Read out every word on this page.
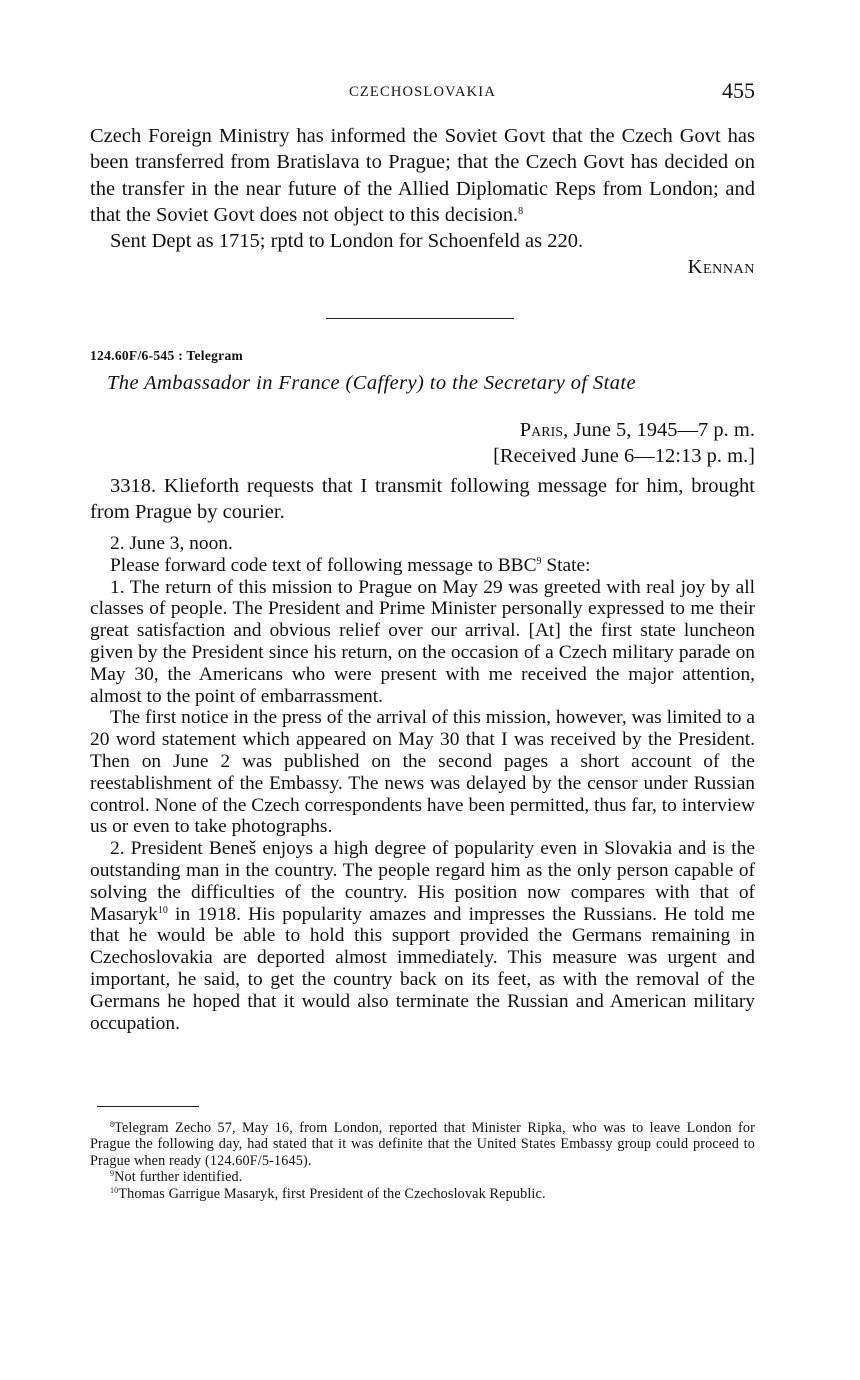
CZECHOSLOVAKIA	455

Czech Foreign Ministry has informed the Soviet Govt that the Czech Govt has been transferred from Bratislava to Prague; that the Czech Govt has decided on the transfer in the near future of the Allied Diplomatic Reps from London; and that the Soviet Govt does not object to this decision.$^8$

Sent Dept as 1715; rptd to London for Schoenfeld as 220.

Kennan

124.60F/6-545 : Telegram
The Ambassador in France (Caffery) to the Secretary of State
Paris, June 5, 1945—7 p. m.
[Received June 6—12:13 p. m.]

3318. Klieforth requests that I transmit following message for him, brought from Prague by courier.

2. June 3, noon.

Please forward code text of following message to BBC$^9$ State:

1. The return of this mission to Prague on May 29 was greeted with real joy by all classes of people. The President and Prime Minister personally expressed to me their great satisfaction and obvious relief over our arrival. [At] the first state luncheon given by the President since his return, on the occasion of a Czech military parade on May 30, the Americans who were present with me received the major attention, almost to the point of embarrassment.

The first notice in the press of the arrival of this mission, however, was limited to a 20 word statement which appeared on May 30 that I was received by the President. Then on June 2 was published on the second pages a short account of the reestablishment of the Embassy. The news was delayed by the censor under Russian control. None of the Czech correspondents have been permitted, thus far, to interview us or even to take photographs.

2. President Beneš enjoys a high degree of popularity even in Slovakia and is the outstanding man in the country. The people regard him as the only person capable of solving the difficulties of the country. His position now compares with that of Masaryk$^{10}$ in 1918. His popularity amazes and impresses the Russians. He told me that he would be able to hold this support provided the Germans remaining in Czechoslovakia are deported almost immediately. This measure was urgent and important, he said, to get the country back on its feet, as with the removal of the Germans he hoped that it would also terminate the Russian and American military occupation.

$^8$Telegram Zecho 57, May 16, from London, reported that Minister Ripka, who was to leave London for Prague the following day, had stated that it was definite that the United States Embassy group could proceed to Prague when ready (124.60F/5-1645).

$^9$Not further identified.

$^{10}$Thomas Garrigue Masaryk, first President of the Czechoslovak Republic.
